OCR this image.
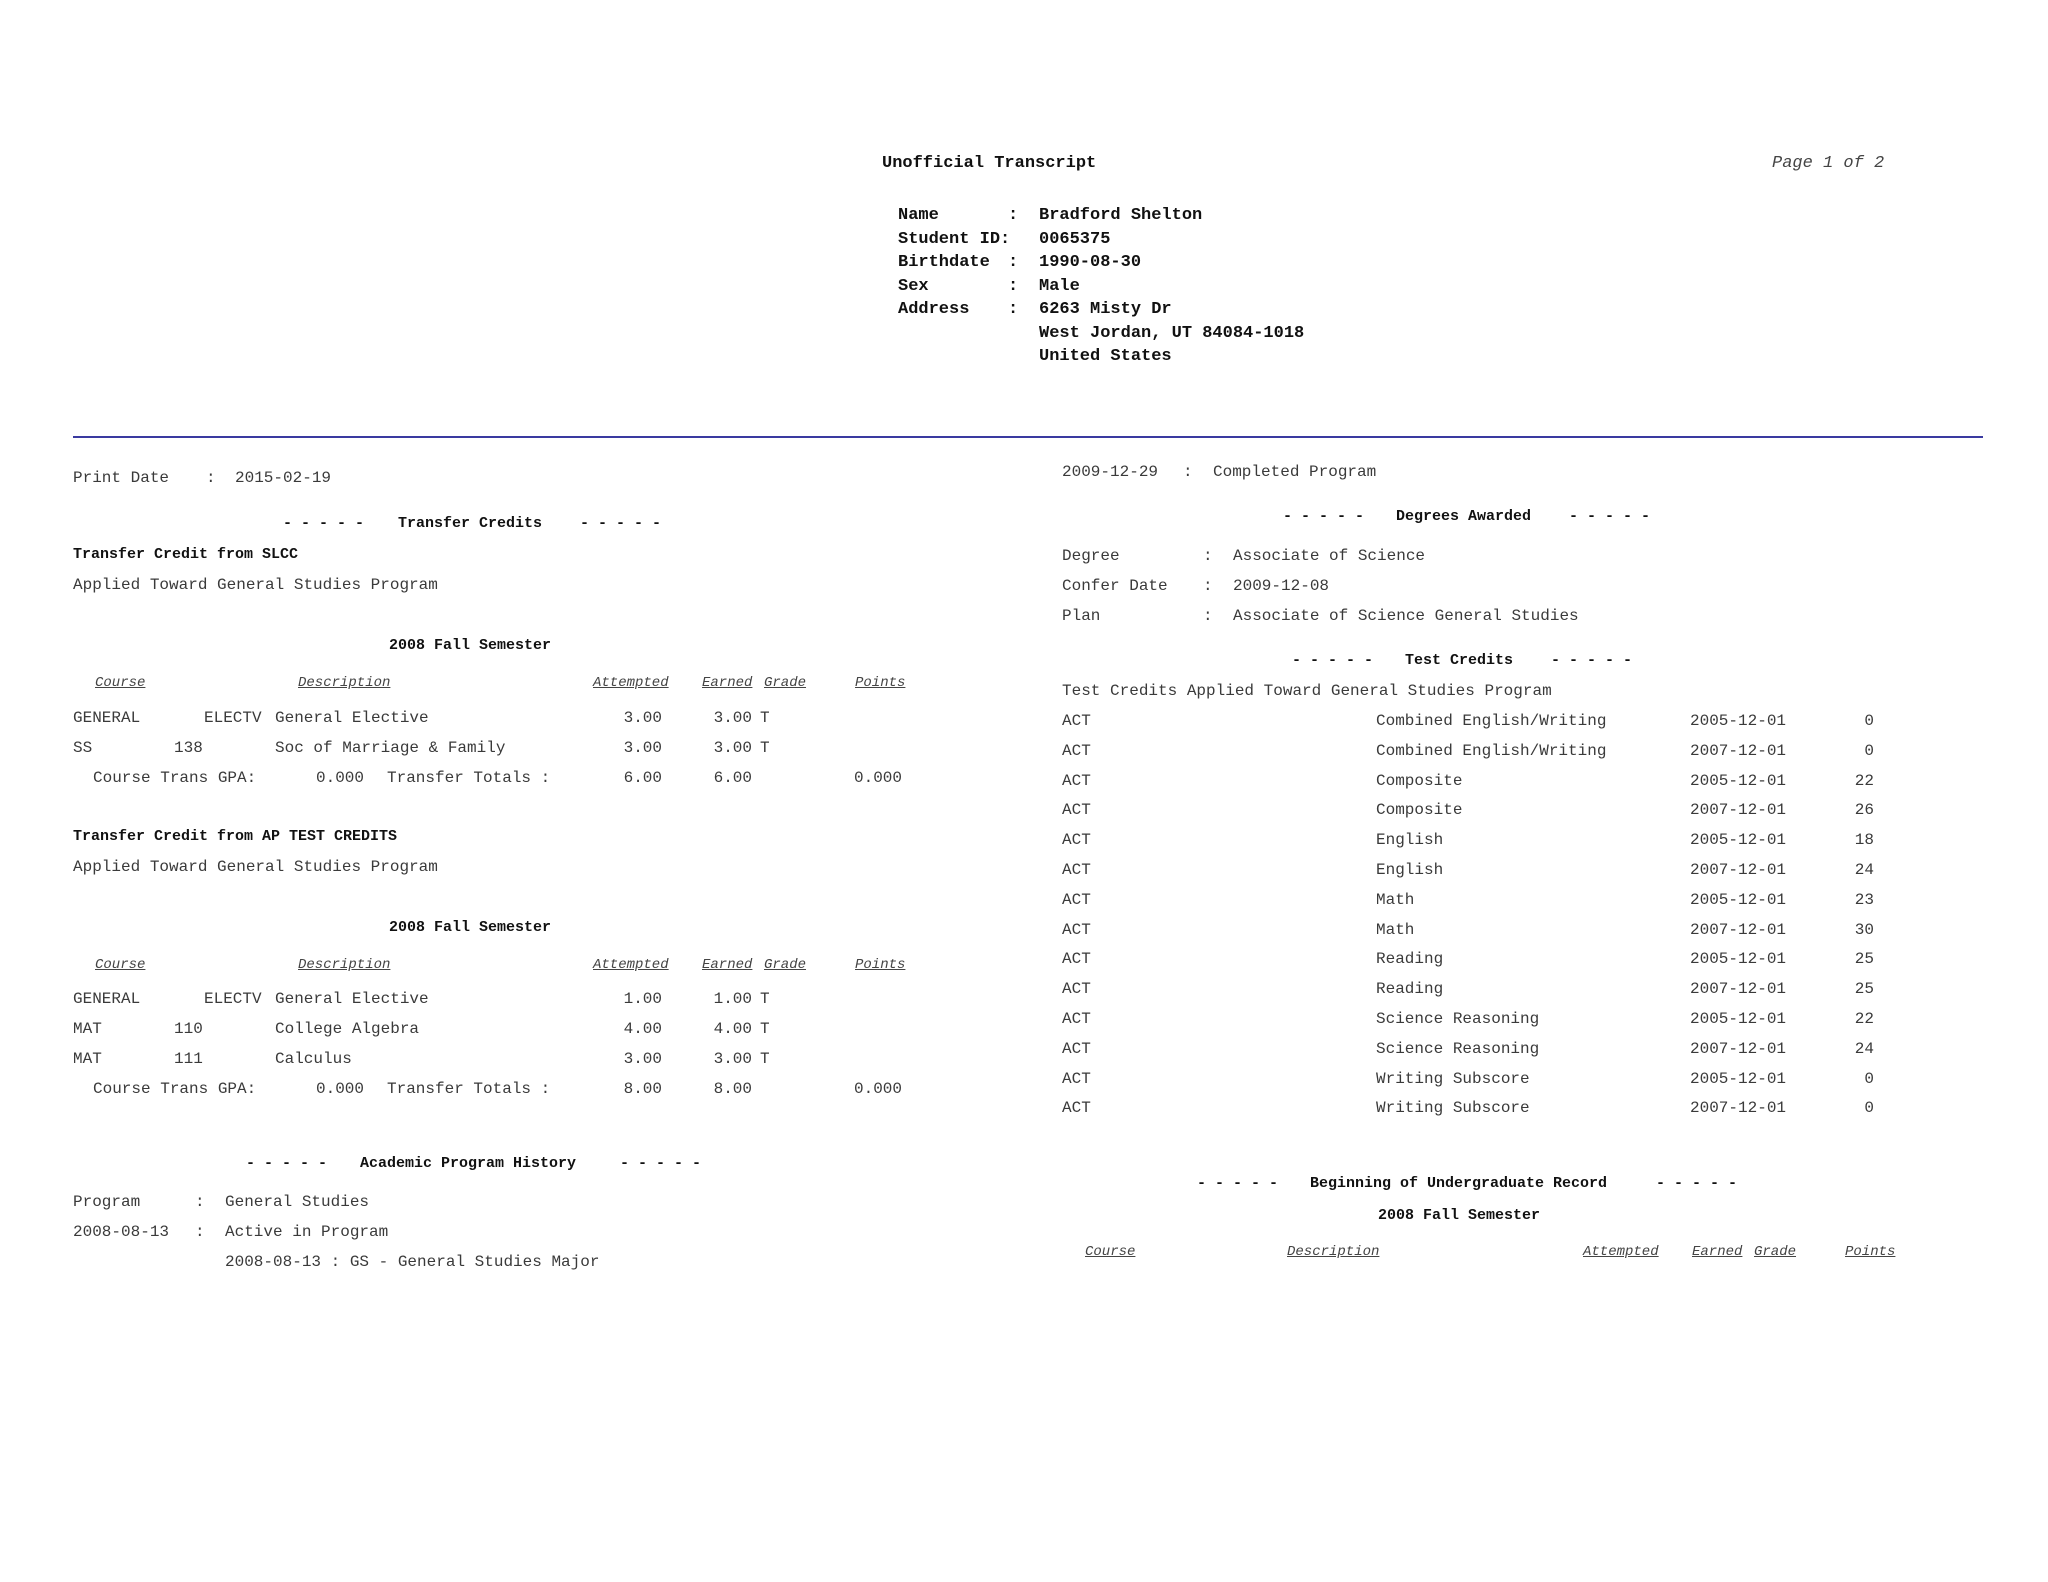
Unofficial Transcript	Page 1 of 2
Name	: Bradford Shelton
Student ID: 0065375
Birthdate : 1990-08-30
Sex	: Male
Address : 6263 Misty Dr
West Jordan, UT 84084-1018
United States
Print Date : 2015-02-19
- - - - - Transfer Credits	- - - - -
Transfer Credit from SLCC
Applied Toward General Studies Program
2008 Fall Semester
Course	Description	Attempted Earned Grade	Points
GENERAL	ELECTV General Elective	3.00	3.00 T
SS	138	Soc of Marriage & Family	3.00	3.00 T
Course Trans GPA:	0.000 Transfer Totals :	6.00	6.00	0.000
Transfer Credit from AP TEST CREDITS
Applied Toward General Studies Program
2008 Fall Semester
Course	Description	Attempted Earned Grade	Points
GENERAL	ELECTV General Elective	1.00	1.00 T
MAT	110	College Algebra	4.00	4.00 T
MAT	111	Calculus	3.00	3.00 T
Course Trans GPA:	0.000 Transfer Totals :	8.00	8.00	0.000
- - - - - Academic Program History	- - - - -
Program	: General Studies
2008-08-13 : Active in Program
2008-08-13 : GS - General Studies Major
2009-12-29 : Completed Program
- - - - - Degrees Awarded	- - - - -
Degree	: Associate of Science
Confer Date : 2009-12-08
Plan	: Associate of Science General Studies
- - - - - Test Credits	- - - - -
Test Credits Applied Toward General Studies Program
ACT	Combined English/Writing	2005-12-01	0
ACT	Combined English/Writing	2007-12-01	0
ACT	Composite	2005-12-01	22
ACT	Composite	2007-12-01	26
ACT	English	2005-12-01	18
ACT	English	2007-12-01	24
ACT	Math	2005-12-01	23
ACT	Math	2007-12-01	30
ACT	Reading	2005-12-01	25
ACT	Reading	2007-12-01	25
ACT	Science Reasoning	2005-12-01	22
ACT	Science Reasoning	2007-12-01	24
ACT	Writing Subscore	2005-12-01	0
ACT	Writing Subscore	2007-12-01	0
- - - - - Beginning of Undergraduate Record	- - - - -
2008 Fall Semester
Course	Description	Attempted Earned Grade	Points
